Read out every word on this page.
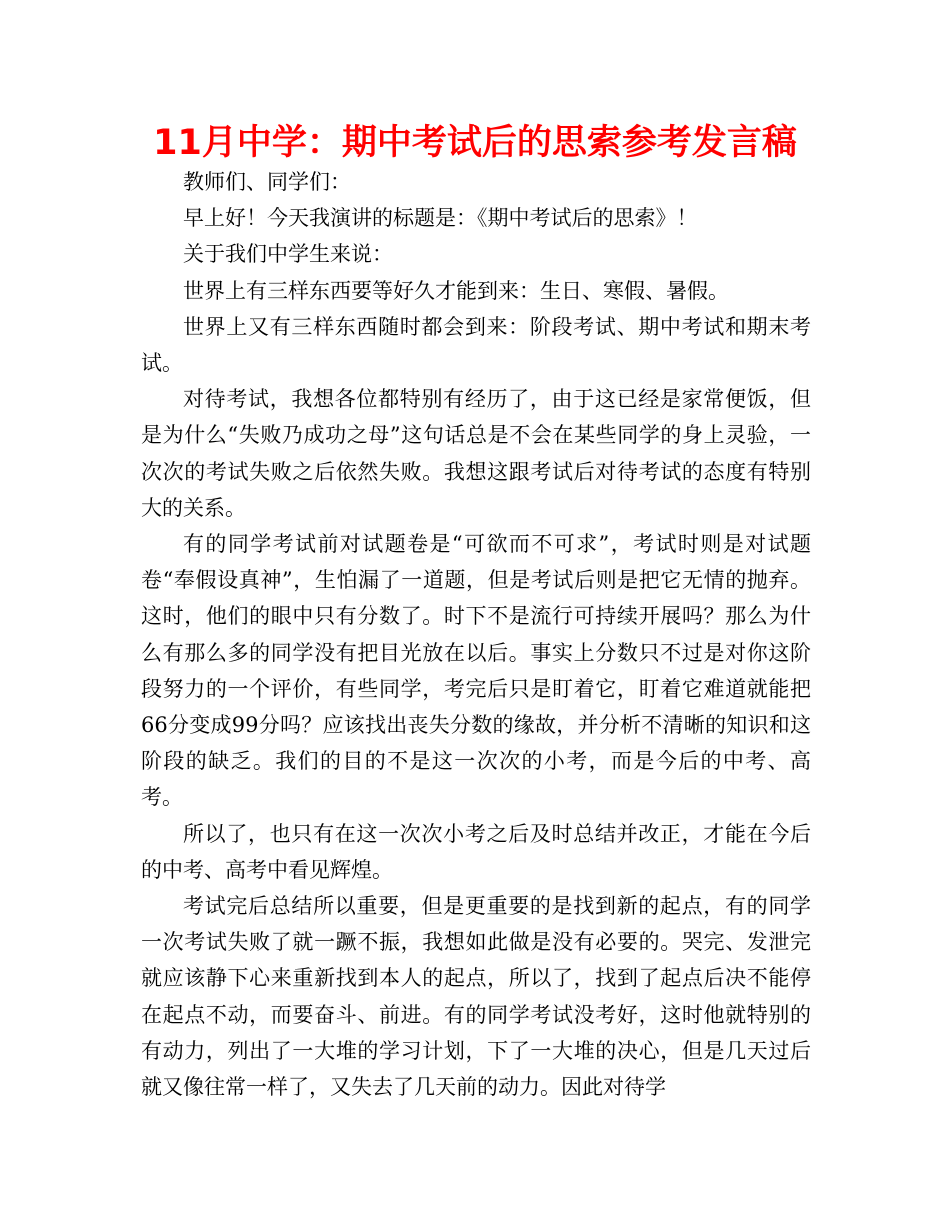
11月中学：期中考试后的思索参考发言稿

教师们、同学们：

早上好！今天我演讲的标题是：《期中考试后的思索》！

关于我们中学生来说：

世界上有三样东西要等好久才能到来：生日、寒假、暑假。

世界上又有三样东西随时都会到来：阶段考试、期中考试和期末考试。

对待考试，我想各位都特别有经历了，由于这已经是家常便饭，但是为什么“失败乃成功之母”这句话总是不会在某些同学的身上灵验，一次次的考试失败之后依然失败。我想这跟考试后对待考试的态度有特别大的关系。

有的同学考试前对试题卷是“可欲而不可求”，考试时则是对试题卷“奉假设真神”，生怕漏了一道题，但是考试后则是把它无情的抛弃。这时，他们的眼中只有分数了。时下不是流行可持续开展吗？那么为什么有那么多的同学没有把目光放在以后。事实上分数只不过是对你这阶段努力的一个评价，有些同学，考完后只是盯着它，盯着它难道就能把66分变成99分吗？应该找出丧失分数的缘故，并分析不清晰的知识和这阶段的缺乏。我们的目的不是这一次次的小考，而是今后的中考、高考。

所以了，也只有在这一次次小考之后及时总结并改正，才能在今后的中考、高考中看见辉煌。

考试完后总结所以重要，但是更重要的是找到新的起点，有的同学一次考试失败了就一蹶不振，我想如此做是没有必要的。哭完、发泄完就应该静下心来重新找到本人的起点，所以了，找到了起点后决不能停在起点不动，而要奋斗、前进。有的同学考试没考好，这时他就特别的有动力，列出了一大堆的学习计划，下了一大堆的决心，但是几天过后就又像往常一样了，又失去了几天前的动力。因此对待学
